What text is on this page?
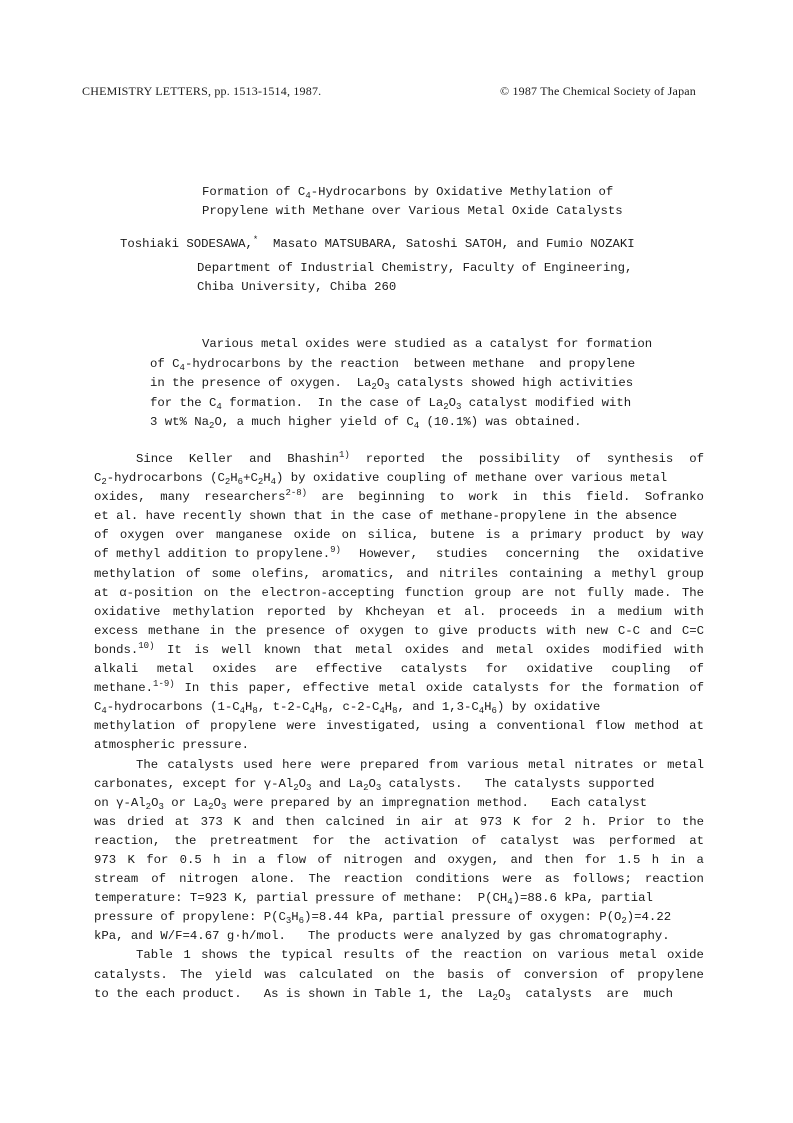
CHEMISTRY LETTERS, pp. 1513-1514, 1987.	© 1987 The Chemical Society of Japan
Formation of $C_4$-Hydrocarbons by Oxidative Methylation of
Propylene with Methane over Various Metal Oxide Catalysts
Toshiaki SODESAWA,*  Masato MATSUBARA, Satoshi SATOH, and Fumio NOZAKI
Department of Industrial Chemistry, Faculty of Engineering,
Chiba University, Chiba 260
Various metal oxides were studied as a catalyst for formation
of $C_4$-hydrocarbons by the reaction  between methane  and propylene
in the presence of oxygen.  $La_2O_3$ catalysts showed high activities
for the $C_4$ formation.  In the case of $La_2O_3$ catalyst modified with
3 wt% $Na_2O$, a much higher yield of $C_4$ (10.1%) was obtained.
Since Keller and Bhashin$^{1)}$ reported the possibility of synthesis of
$C_2$-hydrocarbons $(C_2H_6+C_2H_4)$ by oxidative coupling of methane over various metal
oxides, many researchers$^{2-8)}$ are beginning to work in this field. Sofranko
et al. have recently shown that in the case of methane-propylene in the absence
of oxygen over manganese oxide on silica, butene is a primary product by way
of methyl addition to propylene.$^{9)}$ However, studies concerning the oxidative
methylation of some olefins, aromatics, and nitriles containing a methyl group
at α-position on the electron-accepting function group are not fully made. The
oxidative methylation reported by Khcheyan et al. proceeds in a medium with
excess methane in the presence of oxygen to give products with new C-C and C=C
bonds.$^{10)}$ It is well known that metal oxides and metal oxides modified with
alkali metal oxides are effective catalysts for oxidative coupling of
methane.$^{1-9)}$ In this paper, effective metal oxide catalysts for the formation of
$C_4$-hydrocarbons ($1-C_4H_8$, $t-2-C_4H_8$, $c-2-C_4H_8$, and $1,3-C_4H_6$) by oxidative
methylation of propylene were investigated, using a conventional flow method at
atmospheric pressure.
The catalysts used here were prepared from various metal nitrates or metal
carbonates, except for $\gamma-Al_2O_3$ and $La_2O_3$ catalysts.   The catalysts supported
on $\gamma-Al_2O_3$ or $La_2O_3$ were prepared by an impregnation method.   Each catalyst
was dried at 373 K and then calcined in air at 973 K for 2 h. Prior to the
reaction, the pretreatment for the activation of catalyst was performed at
973 K for 0.5 h in a flow of nitrogen and oxygen, and then for 1.5 h in a
stream of nitrogen alone. The reaction conditions were as follows; reaction
temperature: T=923 K, partial pressure of methane:  $P(CH_4)=88.6$ kPa, partial
pressure of propylene: $P(C_3H_6)=8.44$ kPa, partial pressure of oxygen: $P(O_2)=4.22$
kPa, and W/F=4.67 g·h/mol.   The products were analyzed by gas chromatography.
Table 1 shows the typical results of the reaction on various metal oxide
catalysts. The yield was calculated on the basis of conversion of propylene
to the each product.   As is shown in Table 1, the  $La_2O_3$  catalysts  are  much
